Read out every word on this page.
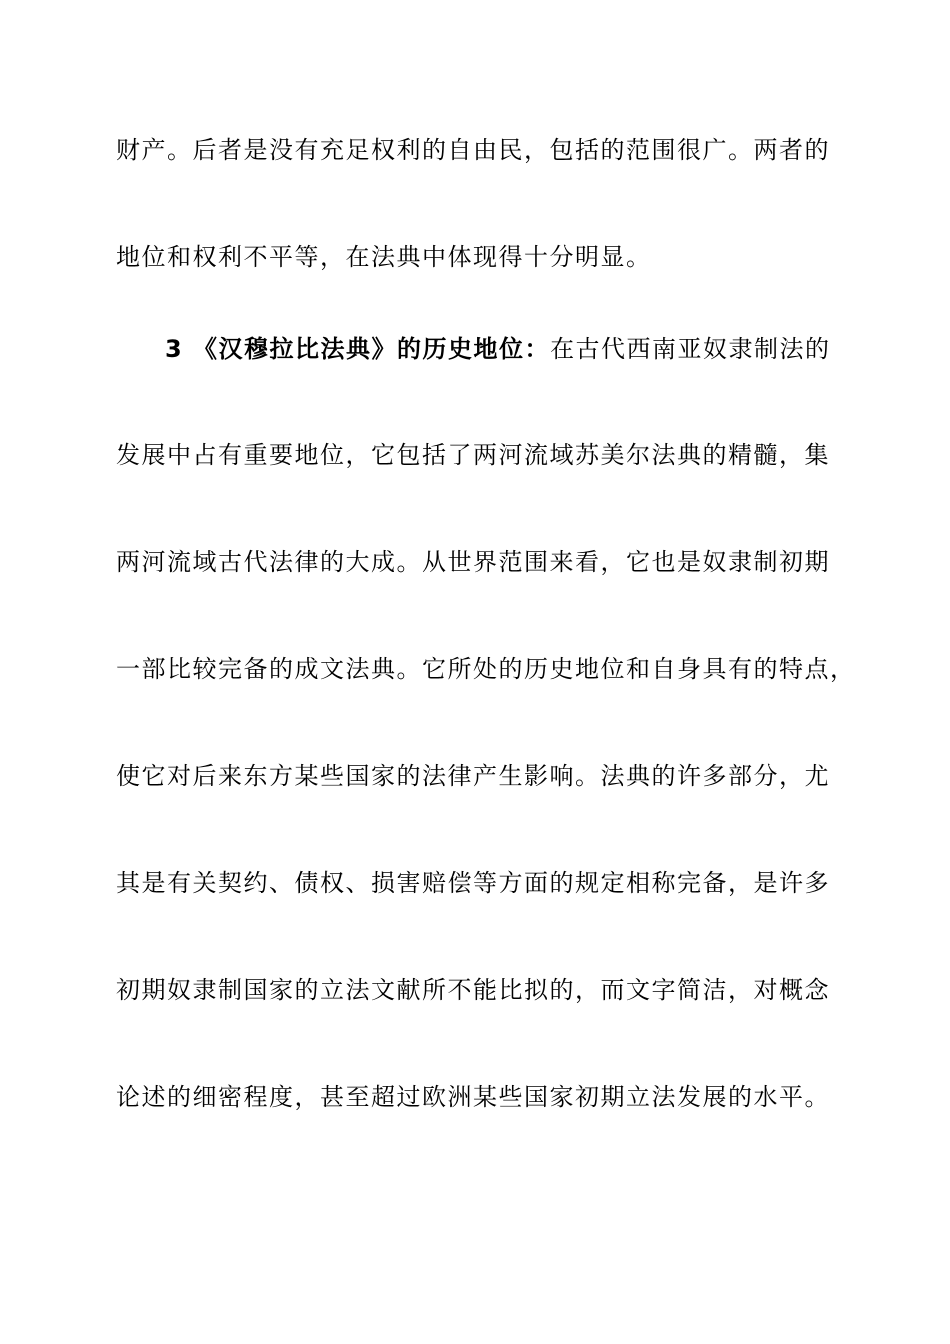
财产。后者是没有充足权利的自由民，包括的范围很广。两者的
地位和权利不平等，在法典中体现得十分明显。
3 《汉穆拉比法典》的历史地位：在古代西南亚奴隶制法的
发展中占有重要地位，它包括了两河流域苏美尔法典的精髓，集
两河流域古代法律的大成。从世界范围来看，它也是奴隶制初期
一部比较完备的成文法典。它所处的历史地位和自身具有的特点，
使它对后来东方某些国家的法律产生影响。法典的许多部分，尤
其是有关契约、债权、损害赔偿等方面的规定相称完备，是许多
初期奴隶制国家的立法文献所不能比拟的，而文字简洁，对概念
论述的细密程度，甚至超过欧洲某些国家初期立法发展的水平。
